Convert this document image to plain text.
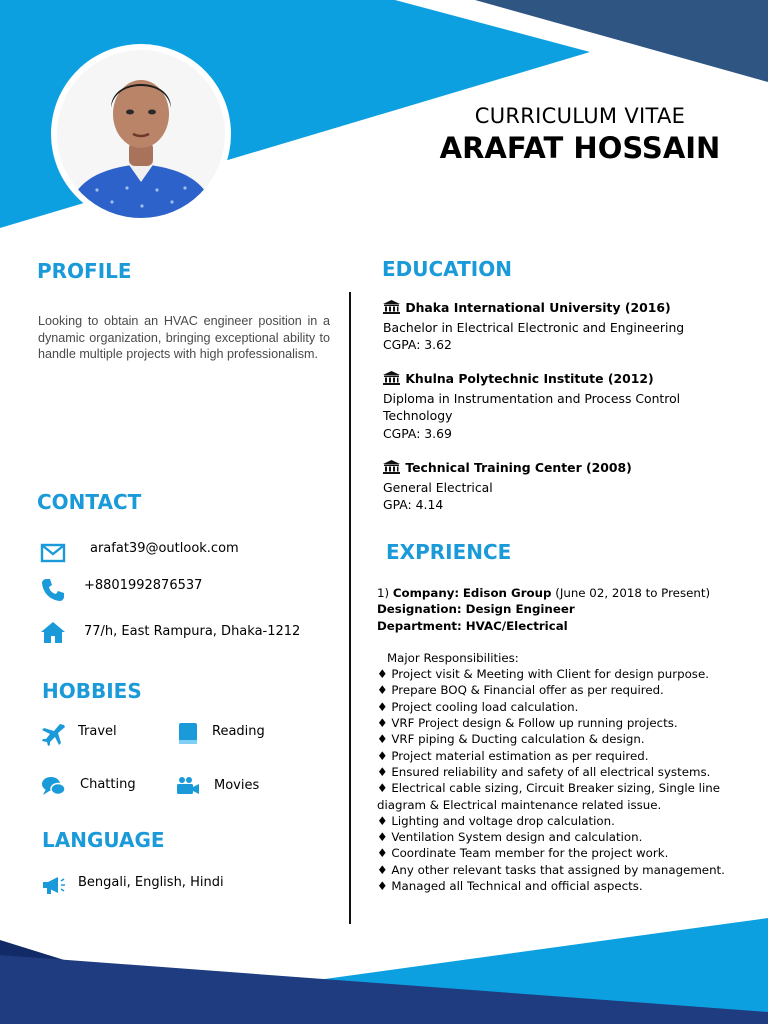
CURRICULUM VITAE

ARAFAT HOSSAIN

PROFILE

Looking to obtain an HVAC engineer position in a dynamic organization, bringing exceptional ability to handle multiple projects with high professionalism.

CONTACT

arafat39@outlook.com
+8801992876537
77/h, East Rampura, Dhaka-1212

HOBBIES

Travel	Reading
Chatting	Movies

LANGUAGE

Bengali, English, Hindi

EDUCATION

Dhaka International University (2016)
Bachelor in Electrical Electronic and Engineering
CGPA: 3.62
Khulna Polytechnic Institute (2012)
Diploma in Instrumentation and Process Control
Technology
CGPA: 3.69
Technical Training Center (2008)
General Electrical
GPA: 4.14

EXPRIENCE

1) Company: Edison Group (June 02, 2018 to Present)

Designation: Design Engineer

Department: HVAC/Electrical

Major Responsibilities:

♦ Project visit & Meeting with Client for design purpose.
♦ Prepare BOQ & Financial offer as per required.
♦ Project cooling load calculation.
♦ VRF Project design & Follow up running projects.
♦ VRF piping & Ducting calculation & design.
♦ Project material estimation as per required.
♦ Ensured reliability and safety of all electrical systems.
♦ Electrical cable sizing, Circuit Breaker sizing, Single line diagram & Electrical maintenance related issue.
♦ Lighting and voltage drop calculation.
♦ Ventilation System design and calculation.
♦ Coordinate Team member for the project work.
♦ Any other relevant tasks that assigned by management.
♦ Managed all Technical and official aspects.
